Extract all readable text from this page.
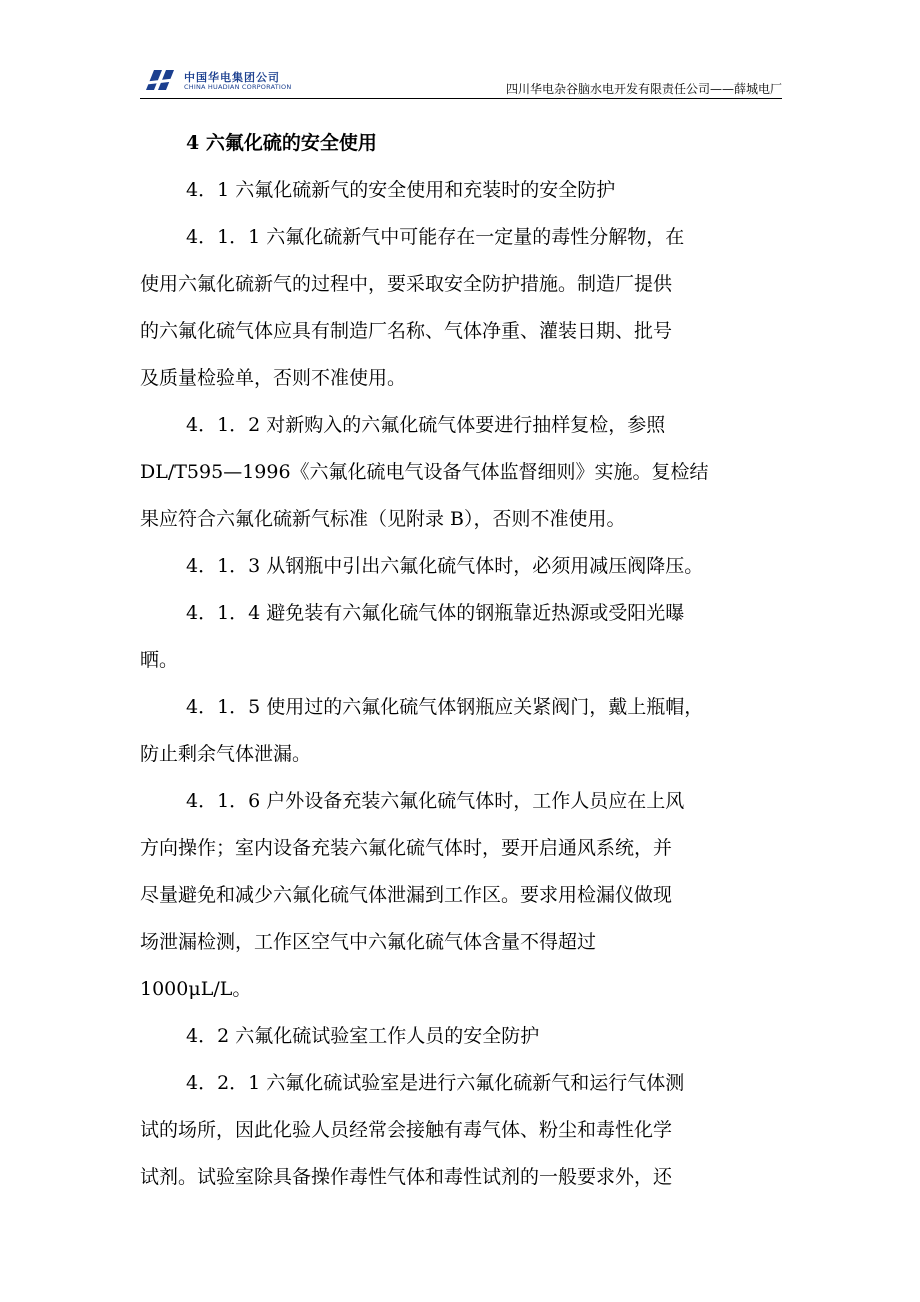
中国华电集团公司
CHINA HUADIAN CORPORATION	四川华电杂谷脑水电开发有限责任公司——薛城电厂
4 六氟化硫的安全使用
4．1 六氟化硫新气的安全使用和充装时的安全防护
4．1．1 六氟化硫新气中可能存在一定量的毒性分解物，在
使用六氟化硫新气的过程中，要采取安全防护措施。制造厂提供
的六氟化硫气体应具有制造厂名称、气体净重、灌装日期、批号
及质量检验单，否则不准使用。
4．1．2 对新购入的六氟化硫气体要进行抽样复检，参照
DL/T595—1996《六氟化硫电气设备气体监督细则》实施。复检结
果应符合六氟化硫新气标准（见附录 B），否则不准使用。
4．1．3 从钢瓶中引出六氟化硫气体时，必须用减压阀降压。
4．1．4 避免装有六氟化硫气体的钢瓶靠近热源或受阳光曝
晒。
4．1．5 使用过的六氟化硫气体钢瓶应关紧阀门，戴上瓶帽，
防止剩余气体泄漏。
4．1．6 户外设备充装六氟化硫气体时，工作人员应在上风
方向操作；室内设备充装六氟化硫气体时，要开启通风系统，并
尽量避免和减少六氟化硫气体泄漏到工作区。要求用检漏仪做现
场泄漏检测，工作区空气中六氟化硫气体含量不得超过
1000μL/L。
4．2 六氟化硫试验室工作人员的安全防护
4．2．1 六氟化硫试验室是进行六氟化硫新气和运行气体测
试的场所，因此化验人员经常会接触有毒气体、粉尘和毒性化学
试剂。试验室除具备操作毒性气体和毒性试剂的一般要求外，还
